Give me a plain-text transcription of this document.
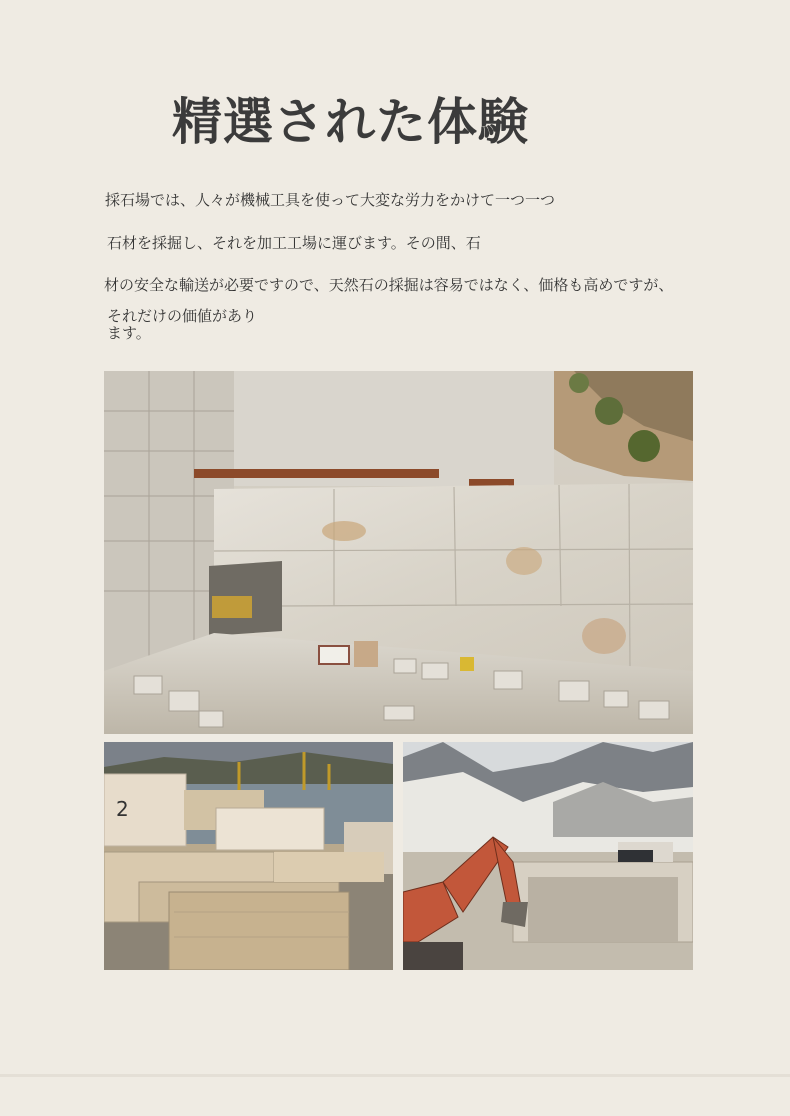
精選された体験

採石場では、人々が機械工具を使って大変な労力をかけて一つ一つ

石材を採掘し、それを加工工場に運びます。その間、石

材の安全な輸送が必要ですので、天然石の採掘は容易ではなく、価格も高めですが、

それだけの価値があり

ます。

2
